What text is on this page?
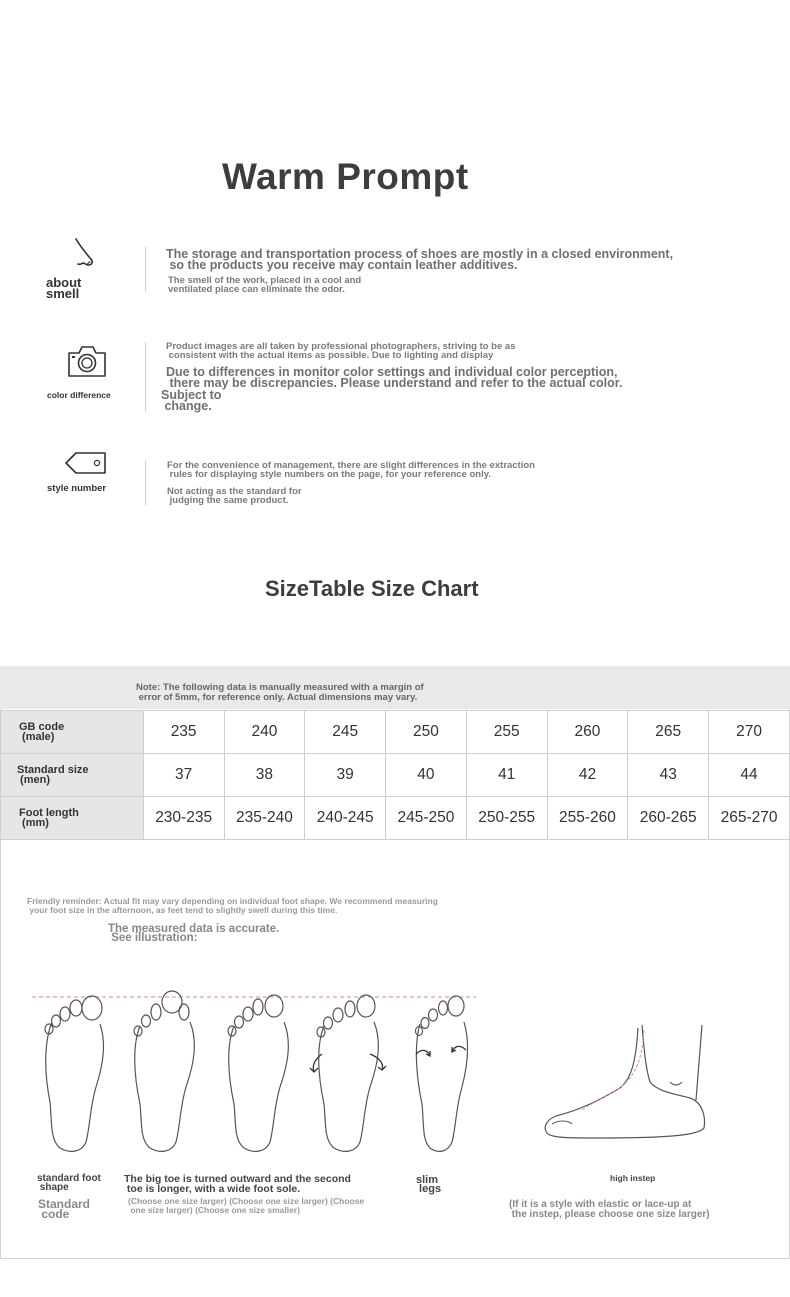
Warm Prompt
about
smell
The storage and transportation process of shoes are mostly in a closed environment,
so the products you receive may contain leather additives.
The smell of the work, placed in a cool and
ventilated place can eliminate the odor.
color difference
Product images are all taken by professional photographers, striving to be as
consistent with the actual items as possible. Due to lighting and display
Due to differences in monitor color settings and individual color perception,
there may be discrepancies. Please understand and refer to the actual color.
Subject to
change.
style number
For the convenience of management, there are slight differences in the extraction
rules for displaying style numbers on the page, for your reference only.
Not acting as the standard for
judging the same product.
SizeTable Size Chart
Note: The following data is manually measured with a margin of
error of 5mm, for reference only. Actual dimensions may vary.
GB code
(male)	235	240	245	250	255	260	265	270
Standard size
(men)	37	38	39	40	41	42	43	44
Foot length
(mm)	230-235	235-240	240-245	245-250	250-255	255-260	260-265	265-270
Friendly reminder: Actual fit may vary depending on individual foot shape. We recommend measuring
your foot size in the afternoon, as feet tend to slightly swell during this time.
The measured data is accurate.
See illustration:
standard foot
shape
Standard
code
The big toe is turned outward and the second
toe is longer, with a wide foot sole.
(Choose one size larger) (Choose one size larger) (Choose
one size larger) (Choose one size smaller)
slim
legs
high instep
(If it is a style with elastic or lace-up at
the instep, please choose one size larger)
